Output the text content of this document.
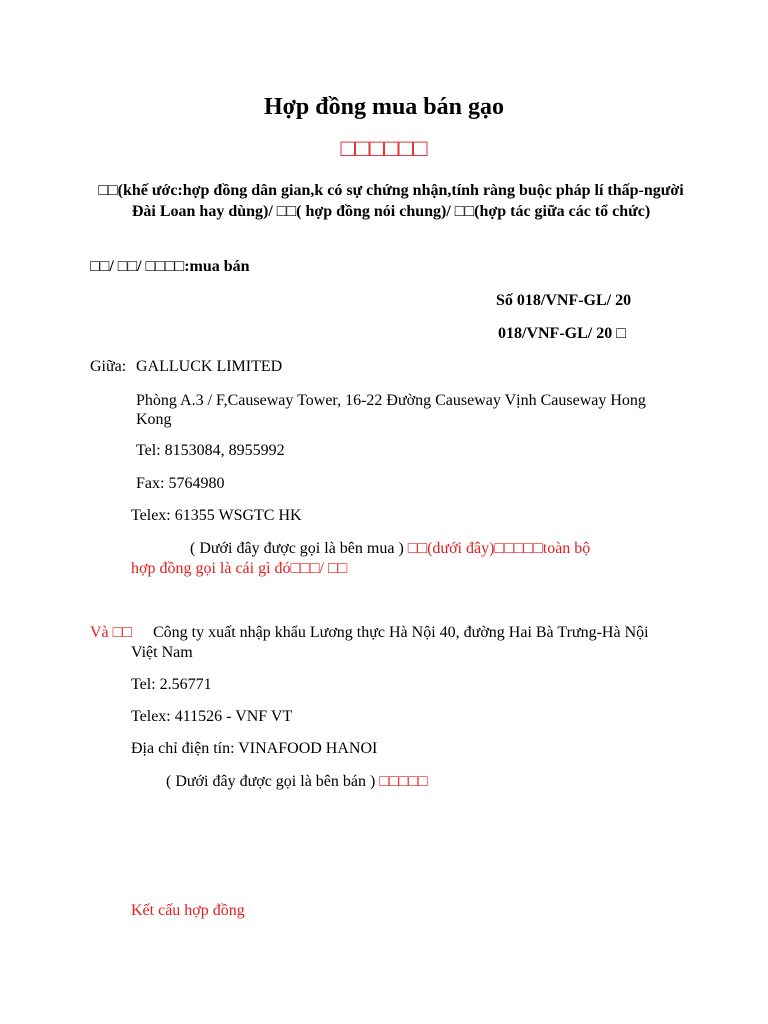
Hợp đồng mua bán gạo
□□□□□□
□□(khế ước:hợp đồng dân gian,k có sự chứng nhận,tính ràng buộc pháp lí thấp-người Đài Loan hay dùng)/ □□( hợp đồng nói chung)/ □□(hợp tác giữa các tổ chức)
□□/ □□/ □□□□:mua bán
Số 018/VNF-GL/ 20
018/VNF-GL/ 20 □
Giữa: GALLUCK LIMITED
Phòng A.3 / F,Causeway Tower, 16-22 Đường Causeway Vịnh Causeway Hong Kong
Tel: 8153084, 8955992
Fax: 5764980
Telex: 61355 WSGTC HK
( Dưới đây được gọi là bên mua ) □□(dưới đây)□□□□□toàn bộ
hợp đồng gọi là cái gì đó□□□/ □□
Và □□ Công ty xuất nhập khẩu Lương thực Hà Nội 40, đường Hai Bà Trưng-Hà Nội
Việt Nam
Tel: 2.56771
Telex: 411526 - VNF VT
Địa chỉ điện tín: VINAFOOD HANOI
( Dưới đây được gọi là bên bán ) □□□□□
Kết cấu hợp đồng
